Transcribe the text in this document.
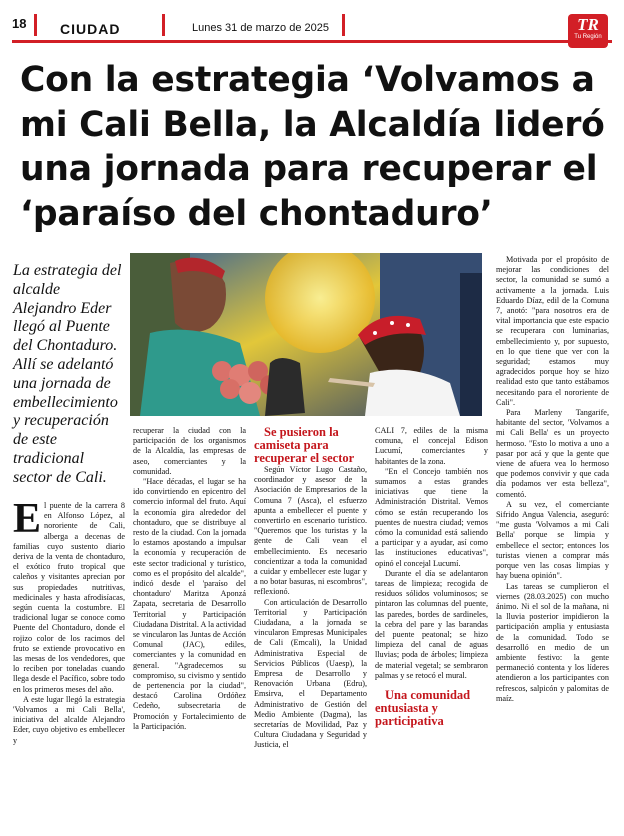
18 CIUDAD	Lunes 31 de marzo de 2025	TR
Tu Región
Con la estrategia ‘Volvamos a mi Cali Bella, la Alcaldía lideró una jornada para recuperar el ‘paraíso del chontaduro’

La estrategia del alcalde Alejandro Eder llegó al Puente del Chontaduro. Allí se adelantó una jornada de embellecimiento y recuperación de este tradicional sector de Cali.

E l puente de la carrera 8 en Alfonso López, al nororiente de Cali, alberga a decenas de familias cuyo sustento diario deriva de la venta de chontaduro, el exótico fruto tropical que caleños y visitantes aprecian por sus propiedades nutritivas, medicinales y hasta afrodisíacas, según cuenta la costumbre. El tradicional lugar se conoce como Puente del Chontaduro, donde el rojizo color de los racimos del fruto se extiende provocativo en las mesas de los vendedores, que lo reciben por toneladas cuando llega desde el Pacífico, sobre todo en los primeros meses del año.

A este lugar llegó la estrategia 'Volvamos a mi Cali Bella', iniciativa del alcalde Alejandro Eder, cuyo objetivo es embellecer y

recuperar la ciudad con la participación de los organismos de la Alcaldía, las empresas de aseo, comerciantes y la comunidad.

"Hace décadas, el lugar se ha ido convirtiendo en epicentro del comercio informal del fruto. Aquí la economía gira alrededor del chontaduro, que se distribuye al resto de la ciudad. Con la jornada lo estamos apostando a impulsar la economía y recuperación de este sector tradicional y turístico, como es el propósito del alcalde", indicó desde el 'paraíso del chontaduro' Maritza Aponzá Zapata, secretaria de Desarrollo Territorial y Participación Ciudadana Distrital. A la actividad se vincularon las Juntas de Acción Comunal (JAC), ediles, comerciantes y la comunidad en general. "Agradecemos su compromiso, su civismo y sentido de pertenencia por la ciudad", destacó Carolina Ordóñez Cedeño, subsecretaria de Promoción y Fortalecimiento de la Participación.

Se pusieron la camiseta para recuperar el sector

Según Víctor Lugo Castaño, coordinador y asesor de la Asociación de Empresarios de la Comuna 7 (Asca), el esfuerzo apunta a embellecer el puente y convertirlo en escenario turístico. "Queremos que los turistas y la gente de Cali vean el embellecimiento. Es necesario concientizar a toda la comunidad a cuidar y embellecer este lugar y a no botar basuras, ni escombros", reflexionó.

Con articulación de Desarrollo Territorial y Participación Ciudadana, a la jornada se vincularon Empresas Municipales de Cali (Emcali), la Unidad Administrativa Especial de Servicios Públicos (Uaesp), la Empresa de Desarrollo y Renovación Urbana (Edru), Emsirva, el Departamento Administrativo de Gestión del Medio Ambiente (Dagma), las secretarías de Movilidad, Paz y Cultura Ciudadana y Seguridad y Justicia, el

CALI 7, ediles de la misma comuna, el concejal Edison Lucumí, comerciantes y habitantes de la zona.

"En el Concejo también nos sumamos a estas grandes iniciativas que tiene la Administración Distrital. Vemos cómo se están recuperando los puentes de nuestra ciudad; vemos cómo la comunidad está saliendo a participar y a ayudar, así como las instituciones educativas", opinó el concejal Lucumí.

Durante el día se adelantaron tareas de limpieza; recogida de residuos sólidos voluminosos; se pintaron las columnas del puente, las paredes, bordes de sardineles, la cebra del pare y las barandas del puente peatonal; se hizo limpieza del canal de aguas lluvias; poda de árboles; limpieza de material vegetal; se sembraron palmas y se retocó el mural.

Una comunidad entusiasta y participativa

Motivada por el propósito de mejorar las condiciones del sector, la comunidad se sumó a activamente a la jornada. Luis Eduardo Díaz, edil de la Comuna 7, anotó: "para nosotros era de vital importancia que este espacio se recuperara con luminarias, embellecimiento y, por supuesto, en lo que tiene que ver con la seguridad; estamos muy agradecidos porque hoy se hizo realidad esto que tanto estábamos necesitando para el nororiente de Cali".

Para Marleny Tangarife, habitante del sector, 'Volvamos a mi Cali Bella' es un proyecto hermoso. "Esto lo motiva a uno a pasar por acá y que la gente que viene de afuera vea lo hermoso que podemos convivir y que cada día podamos ver esta belleza", comentó.

A su vez, el comerciante Sifrido Angua Valencia, aseguró: "me gusta 'Volvamos a mi Cali Bella' porque se limpia y embellece el sector; entonces los turistas vienen a comprar más porque ven las cosas limpias y hay buena opinión".

Las tareas se cumplieron el viernes (28.03.2025) con mucho ánimo. Ni el sol de la mañana, ni la lluvia posterior impidieron la participación amplia y entusiasta de la comunidad. Todo se desarrolló en medio de un ambiente festivo: la gente permaneció contenta y los líderes atendieron a los participantes con refrescos, salpicón y palomitas de maíz.
